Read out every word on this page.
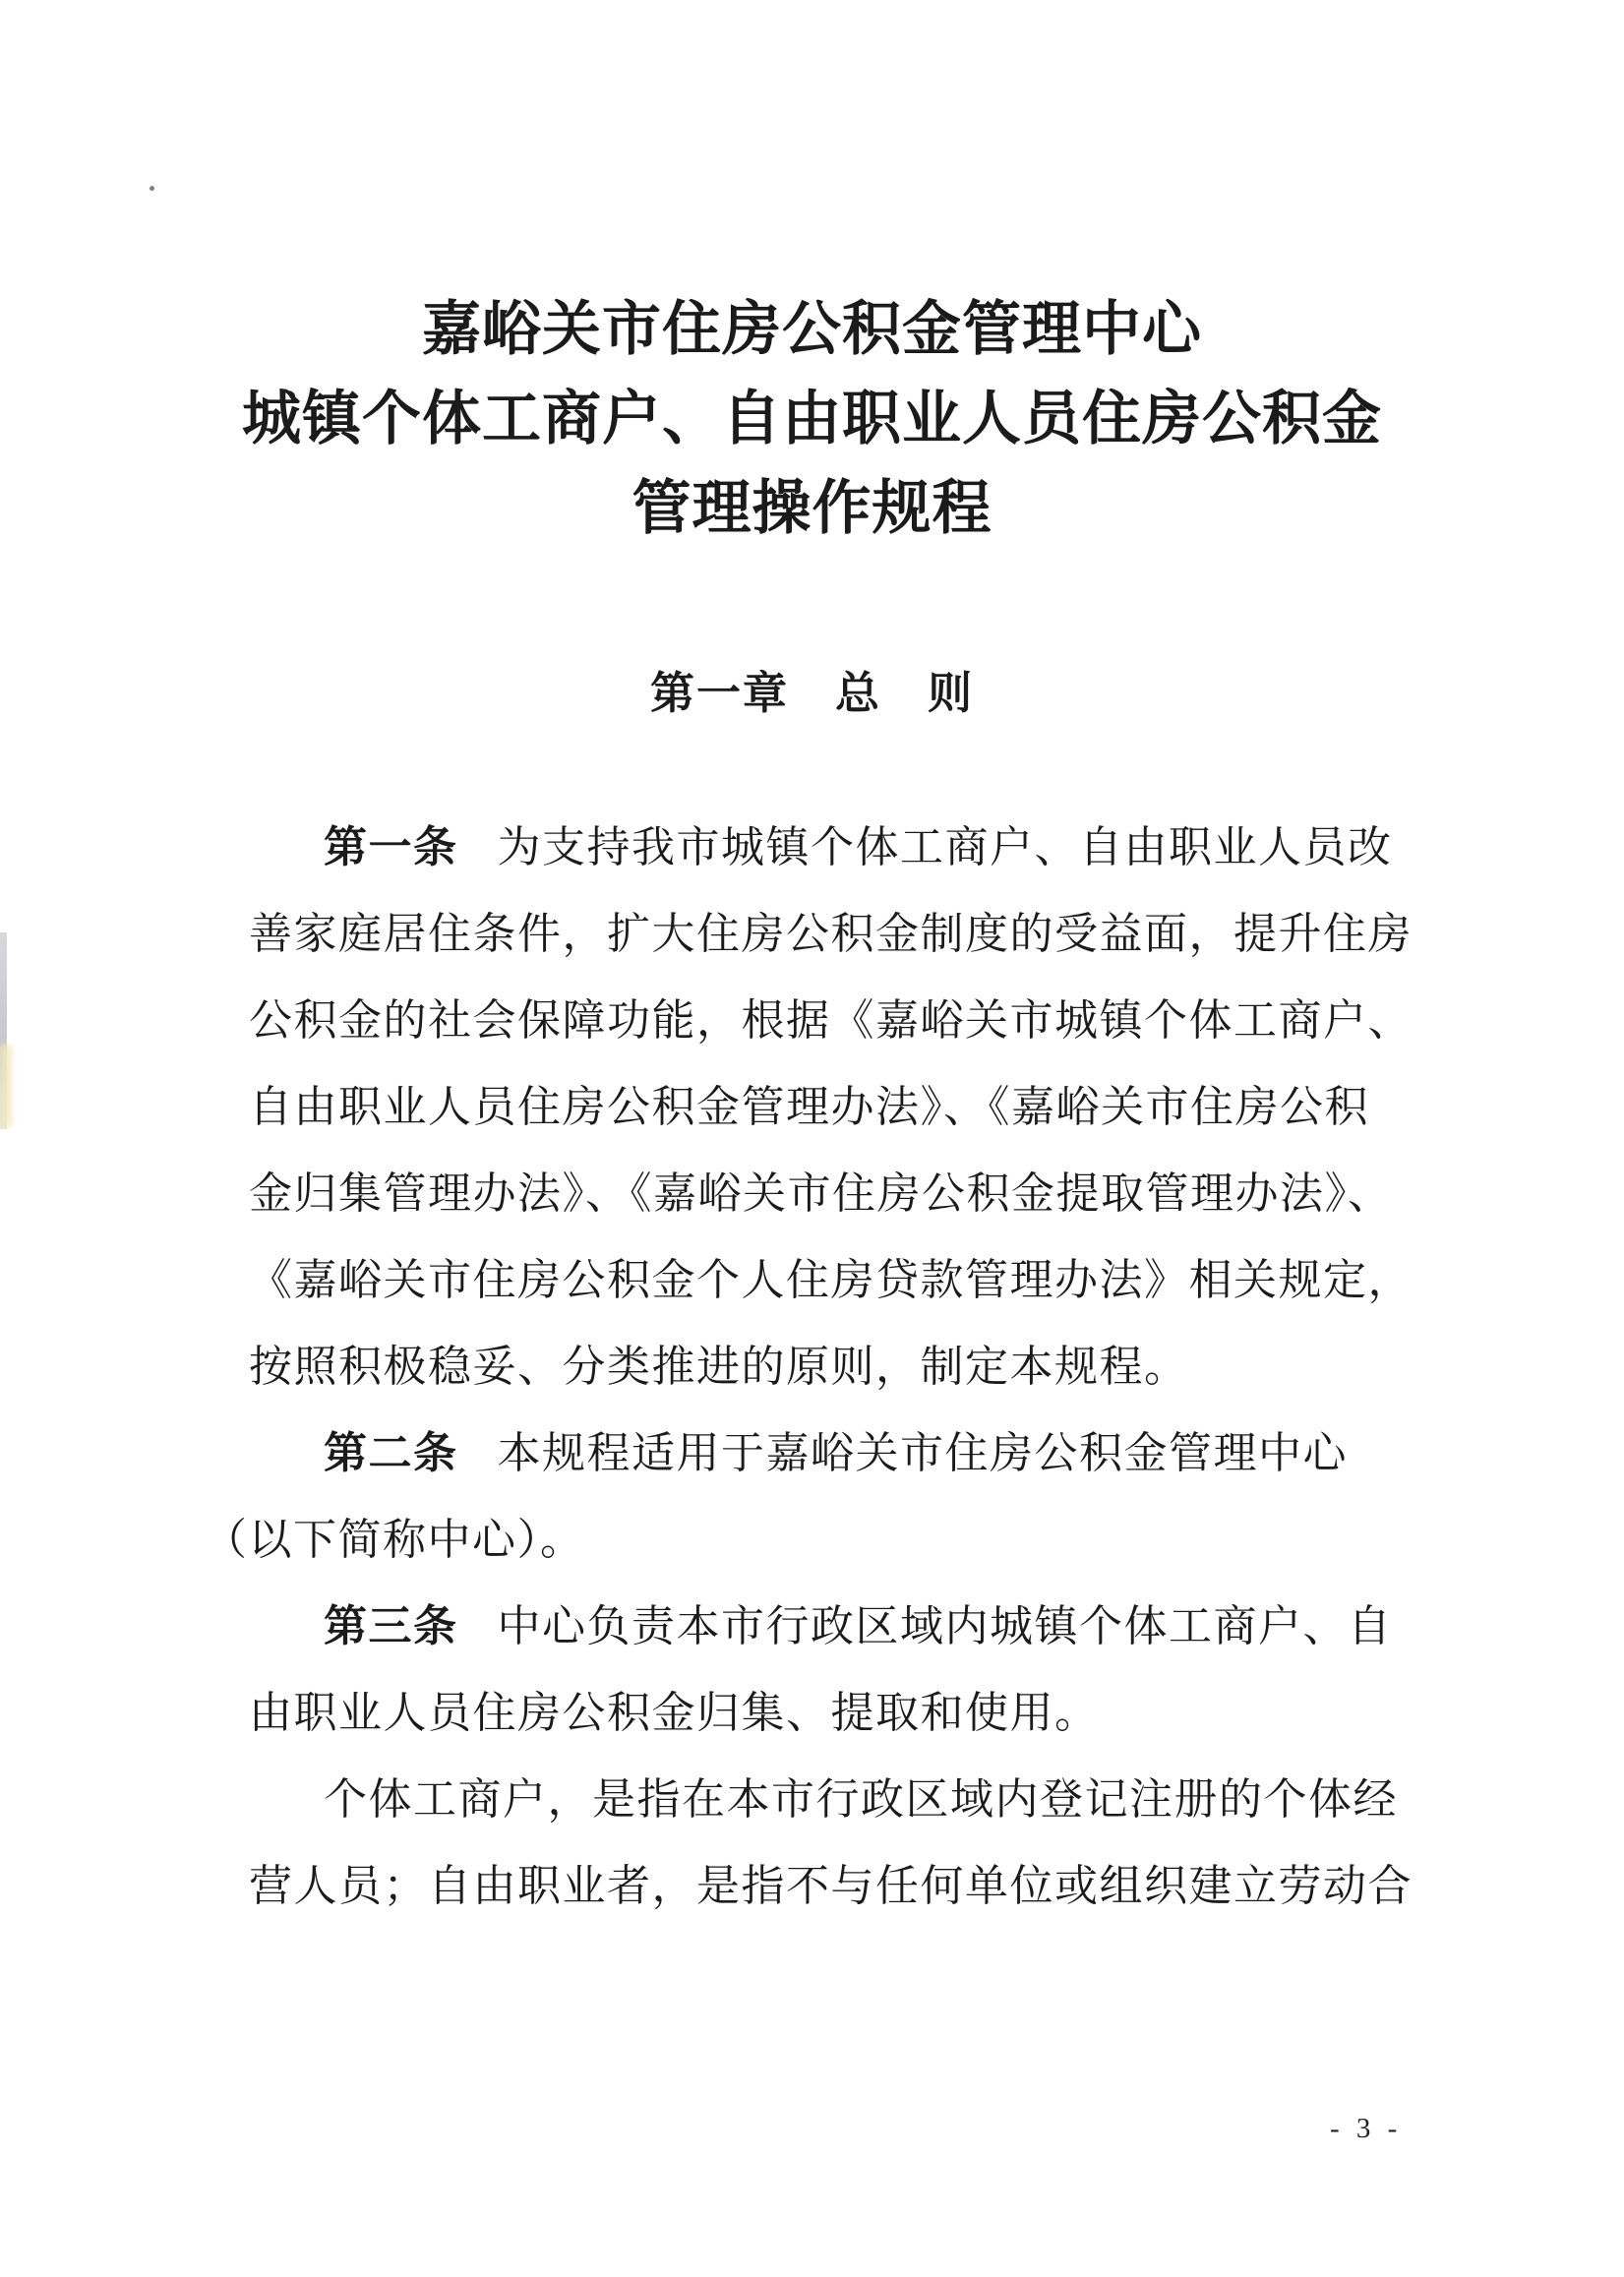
嘉峪关市住房公积金管理中心
城镇个体工商户、自由职业人员住房公积金
管理操作规程
第一章　总　则
第一条 为支持我市城镇个体工商户、自由职业人员改
善家庭居住条件，扩大住房公积金制度的受益面，提升住房
公积金的社会保障功能，根据《嘉峪关市城镇个体工商户、
自由职业人员住房公积金管理办法》、《嘉峪关市住房公积
金归集管理办法》、《嘉峪关市住房公积金提取管理办法》、
《嘉峪关市住房公积金个人住房贷款管理办法》相关规定，
按照积极稳妥、分类推进的原则，制定本规程。
第二条 本规程适用于嘉峪关市住房公积金管理中心
（以下简称中心）。
第三条 中心负责本市行政区域内城镇个体工商户、自
由职业人员住房公积金归集、提取和使用。
个体工商户，是指在本市行政区域内登记注册的个体经
营人员；自由职业者，是指不与任何单位或组织建立劳动合
- 3 -
